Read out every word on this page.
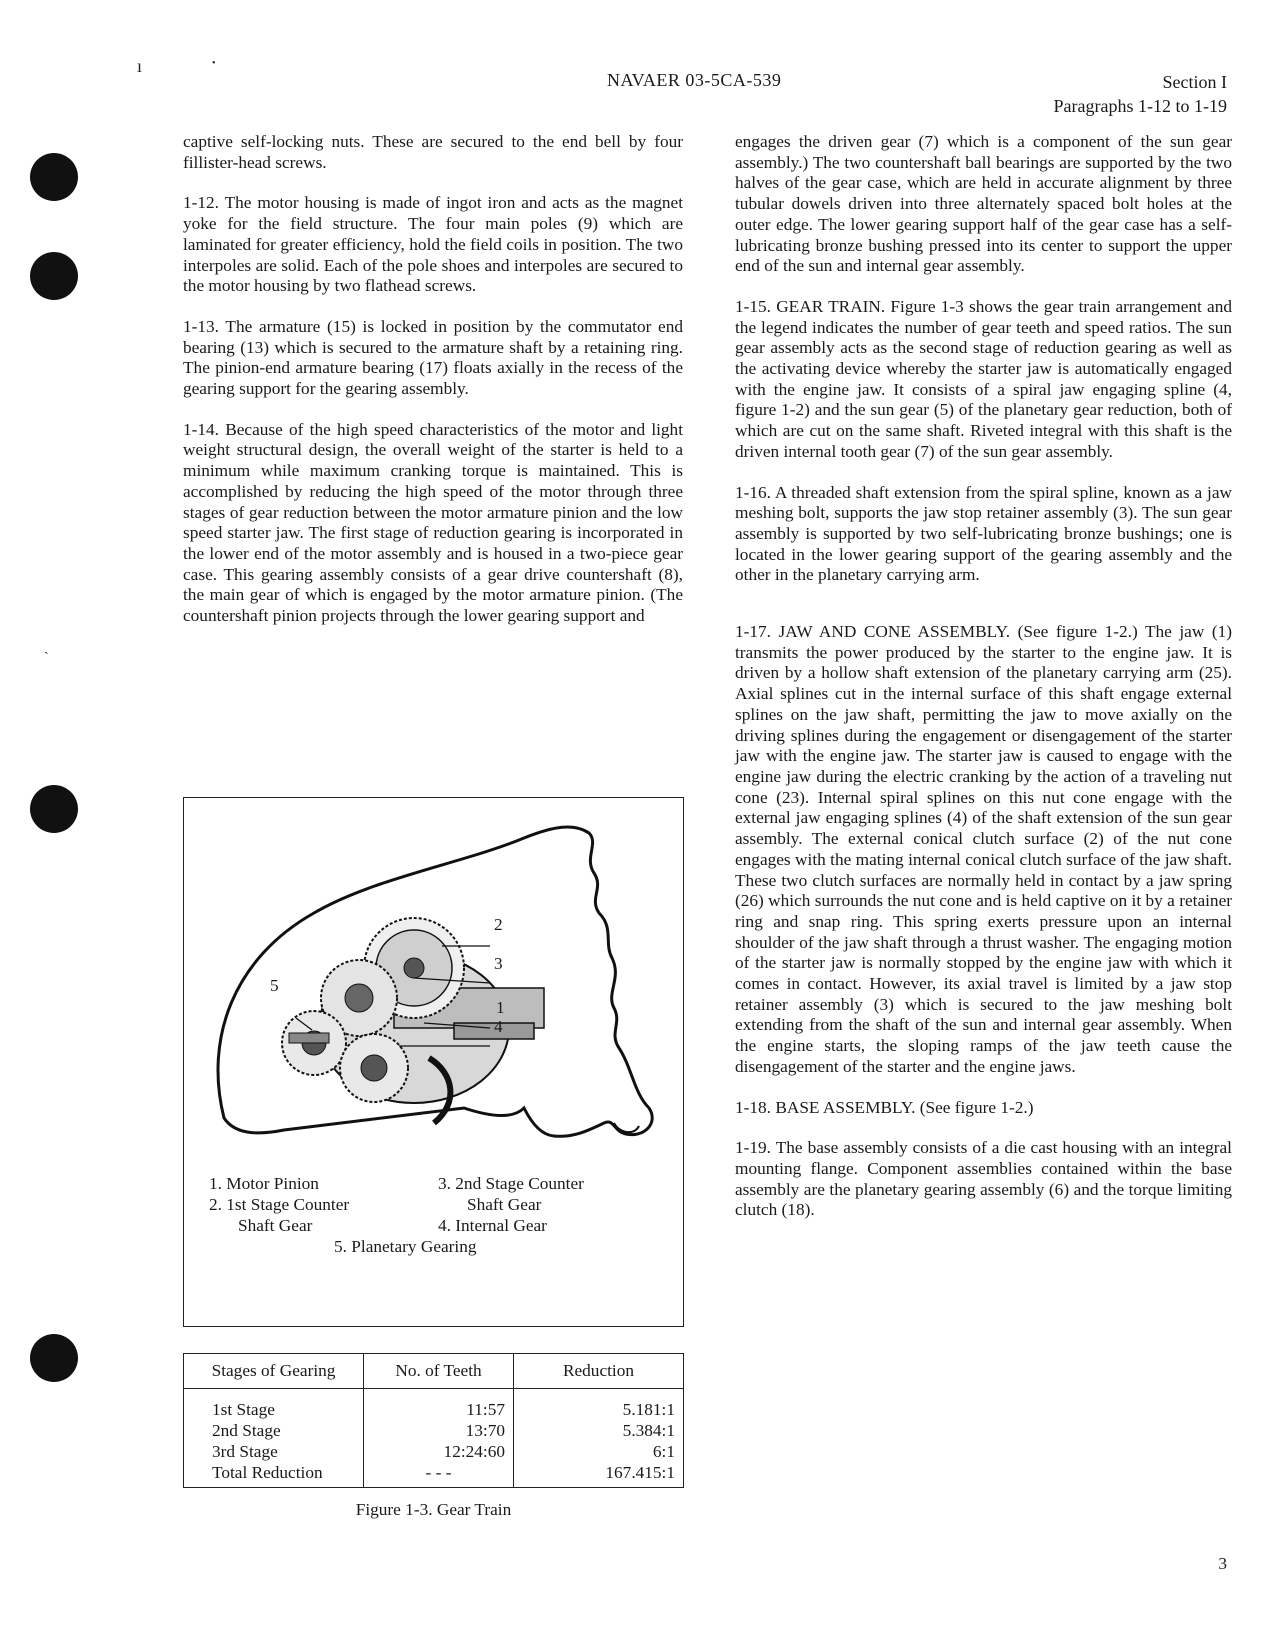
ı	•
ˎ
NAVAER 03-5CA-539	Section I
Paragraphs 1-12 to 1-19

captive self-locking nuts. These are secured to the end bell by four fillister-head screws.

1-12. The motor housing is made of ingot iron and acts as the magnet yoke for the field structure. The four main poles (9) which are laminated for greater efficiency, hold the field coils in position. The two interpoles are solid. Each of the pole shoes and interpoles are secured to the motor housing by two flathead screws.

1-13. The armature (15) is locked in position by the commutator end bearing (13) which is secured to the armature shaft by a retaining ring. The pinion-end armature bearing (17) floats axially in the recess of the gearing support for the gearing assembly.

1-14. Because of the high speed characteristics of the motor and light weight structural design, the overall weight of the starter is held to a minimum while maximum cranking torque is maintained. This is accomplished by reducing the high speed of the motor through three stages of gear reduction between the motor armature pinion and the low speed starter jaw. The first stage of reduction gearing is incorporated in the lower end of the motor assembly and is housed in a two-piece gear case. This gearing assembly consists of a gear drive countershaft (8), the main gear of which is engaged by the motor armature pinion. (The countershaft pinion projects through the lower gearing support and

2
3
5
1
4
1. Motor Pinion
2. 1st Stage Counter
Shaft Gear
3. 2nd Stage Counter
Shaft Gear
4. Internal Gear
5. Planetary Gearing
Stages of Gearing	No. of Teeth	Reduction
1st Stage	11:57	5.181:1
2nd Stage	13:70	5.384:1
3rd Stage	12:24:60	6:1
Total Reduction	- - -	167.415:1
Figure 1-3. Gear Train

engages the driven gear (7) which is a component of the sun gear assembly.) The two countershaft ball bearings are supported by the two halves of the gear case, which are held in accurate alignment by three tubular dowels driven into three alternately spaced bolt holes at the outer edge. The lower gearing support half of the gear case has a self-lubricating bronze bushing pressed into its center to support the upper end of the sun and internal gear assembly.

1-15. GEAR TRAIN. Figure 1-3 shows the gear train arrangement and the legend indicates the number of gear teeth and speed ratios. The sun gear assembly acts as the second stage of reduction gearing as well as the activating device whereby the starter jaw is automatically engaged with the engine jaw. It consists of a spiral jaw engaging spline (4, figure 1-2) and the sun gear (5) of the planetary gear reduction, both of which are cut on the same shaft. Riveted integral with this shaft is the driven internal tooth gear (7) of the sun gear assembly.

1-16. A threaded shaft extension from the spiral spline, known as a jaw meshing bolt, supports the jaw stop retainer assembly (3). The sun gear assembly is supported by two self-lubricating bronze bushings; one is located in the lower gearing support of the gearing assembly and the other in the planetary carrying arm.

1-17. JAW AND CONE ASSEMBLY. (See figure 1-2.) The jaw (1) transmits the power produced by the starter to the engine jaw. It is driven by a hollow shaft extension of the planetary carrying arm (25). Axial splines cut in the internal surface of this shaft engage external splines on the jaw shaft, permitting the jaw to move axially on the driving splines during the engagement or disengagement of the starter jaw with the engine jaw. The starter jaw is caused to engage with the engine jaw during the electric cranking by the action of a traveling nut cone (23). Internal spiral splines on this nut cone engage with the external jaw engaging splines (4) of the shaft extension of the sun gear assembly. The external conical clutch surface (2) of the nut cone engages with the mating internal conical clutch surface of the jaw shaft. These two clutch surfaces are normally held in contact by a jaw spring (26) which surrounds the nut cone and is held captive on it by a retainer ring and snap ring. This spring exerts pressure upon an internal shoulder of the jaw shaft through a thrust washer. The engaging motion of the starter jaw is normally stopped by the engine jaw with which it comes in contact. However, its axial travel is limited by a jaw stop retainer assembly (3) which is secured to the jaw meshing bolt extending from the shaft of the sun and internal gear assembly. When the engine starts, the sloping ramps of the jaw teeth cause the disengagement of the starter and the engine jaws.

1-18. BASE ASSEMBLY. (See figure 1-2.)

1-19. The base assembly consists of a die cast housing with an integral mounting flange. Component assemblies contained within the base assembly are the planetary gearing assembly (6) and the torque limiting clutch (18).

3
